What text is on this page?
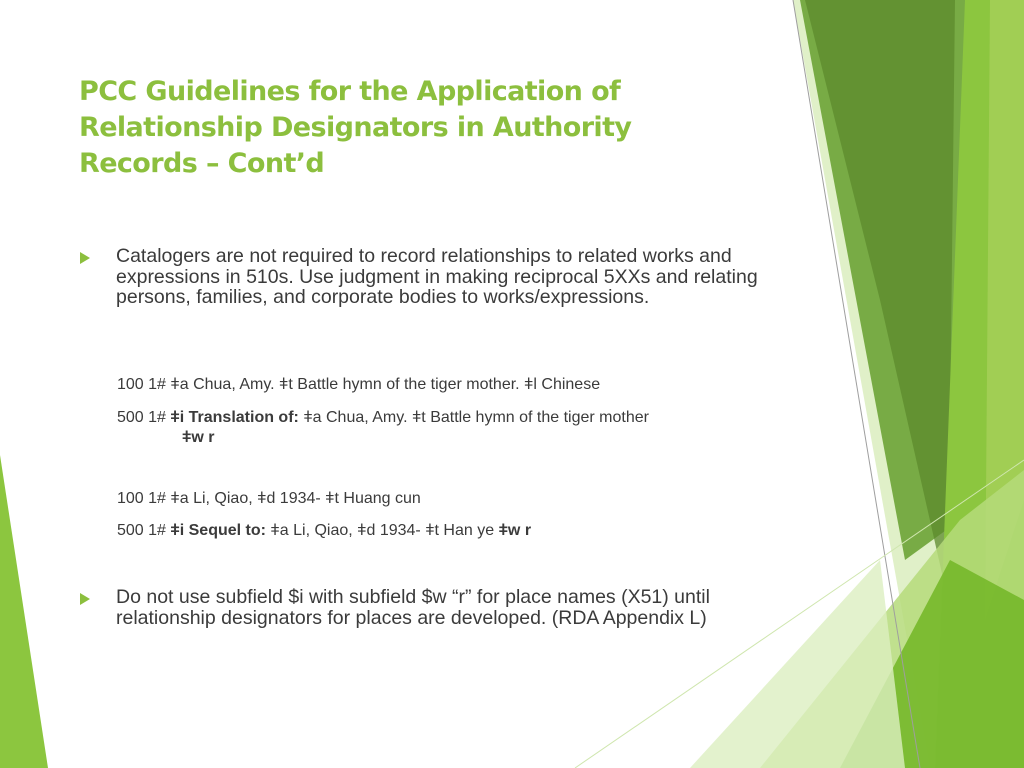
PCC Guidelines for the Application of
Relationship Designators in Authority
Records – Cont’d
Catalogers are not required to record relationships to related works and expressions in 510s. Use judgment in making reciprocal 5XXs and relating persons, families, and corporate bodies to works/expressions.
100 1# ǂa Chua, Amy. ǂt Battle hymn of the tiger mother. ǂl Chinese
500 1# ǂi Translation of: ǂa Chua, Amy. ǂt Battle hymn of the tiger mother
ǂw r
100 1# ǂa Li, Qiao, ǂd 1934- ǂt Huang cun
500 1# ǂi Sequel to: ǂa Li, Qiao, ǂd 1934- ǂt Han ye ǂw r
Do not use subfield $i with subfield $w “r” for place names (X51) until relationship designators for places are developed. (RDA Appendix L)
